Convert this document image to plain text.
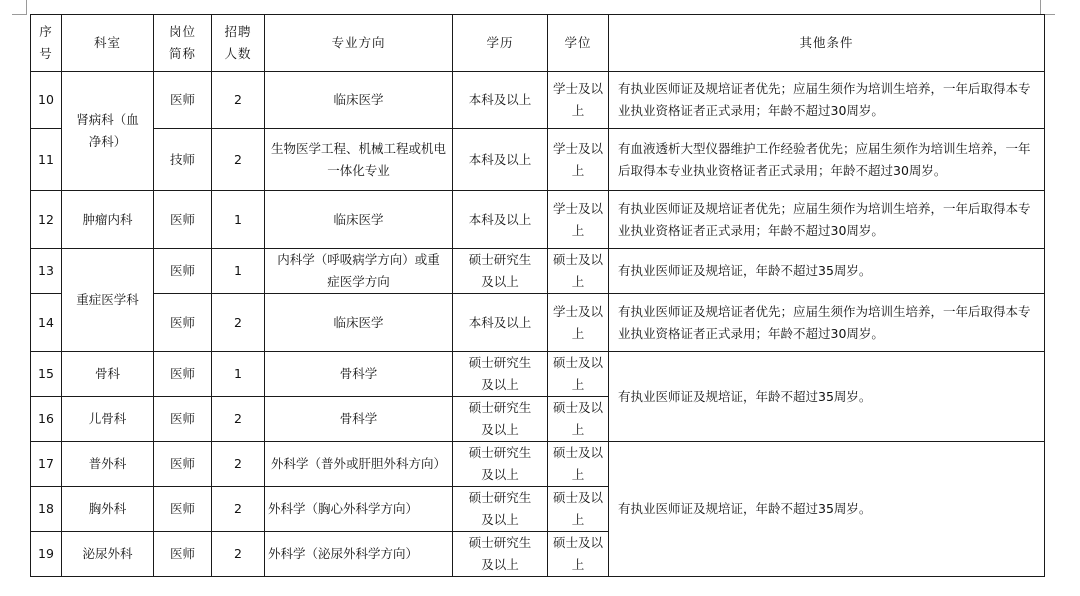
序号	科室	岗位简称	招聘人数	专业方向	学历	学位	其他条件
10	肾病科（血净科）	医师	2	临床医学	本科及以上	学士及以上	有执业医师证及规培证者优先；应届生须作为培训生培养，一年后取得本专业执业资格证者正式录用；年龄不超过30周岁。
11		技师	2	生物医学工程、机械工程或机电一体化专业	本科及以上	学士及以上	有血液透析大型仪器维护工作经验者优先；应届生须作为培训生培养，一年后取得本专业执业资格证者正式录用；年龄不超过30周岁。
12	肿瘤内科	医师	1	临床医学	本科及以上	学士及以上	有执业医师证及规培证者优先；应届生须作为培训生培养，一年后取得本专业执业资格证者正式录用；年龄不超过30周岁。
13	重症医学科	医师	1	内科学（呼吸病学方向）或重症医学方向	硕士研究生及以上	硕士及以上	有执业医师证及规培证，年龄不超过35周岁。
14		医师	2	临床医学	本科及以上	学士及以上	有执业医师证及规培证者优先；应届生须作为培训生培养，一年后取得本专业执业资格证者正式录用；年龄不超过30周岁。
15	骨科	医师	1	骨科学	硕士研究生及以上	硕士及以上	有执业医师证及规培证，年龄不超过35周岁。
16	儿骨科	医师	2	骨科学	硕士研究生及以上	硕士及以上	

17	普外科	医师	2	外科学（普外或肝胆外科方向）	硕士研究生及以上	硕士及以上	有执业医师证及规培证，年龄不超过35周岁。
18	胸外科	医师	2	外科学（胸心外科学方向）	硕士研究生及以上	硕士及以上	

19	泌尿外科	医师	2	外科学（泌尿外科学方向）	硕士研究生及以上	硕士及以上	
